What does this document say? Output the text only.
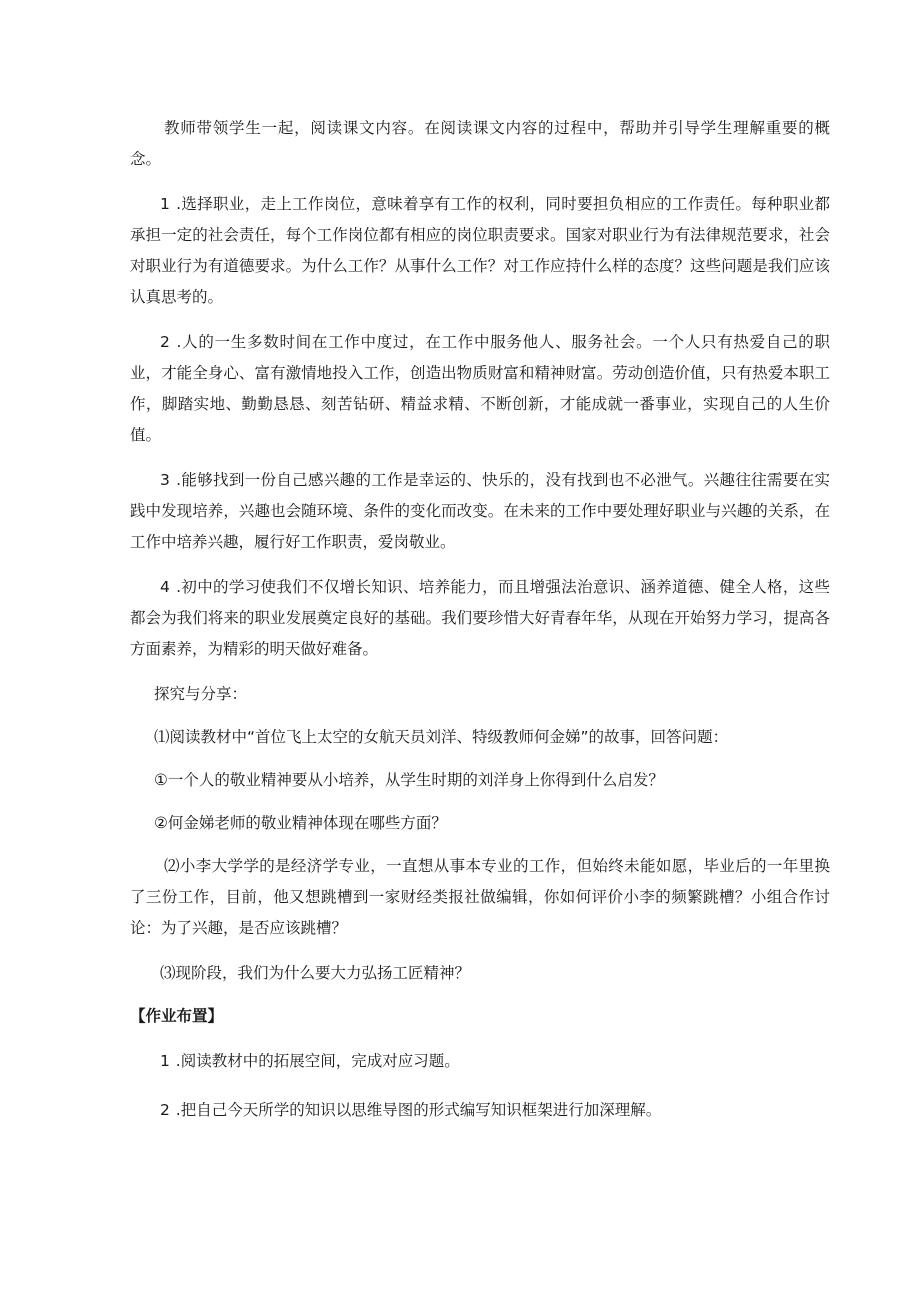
教师带领学生一起，阅读课文内容。在阅读课文内容的过程中，帮助并引导学生理解重要的概念。

1 .选择职业，走上工作岗位，意味着享有工作的权利，同时要担负相应的工作责任。每种职业都承担一定的社会责任，每个工作岗位都有相应的岗位职责要求。国家对职业行为有法律规范要求，社会对职业行为有道德要求。为什么工作？从事什么工作？对工作应持什么样的态度？这些问题是我们应该认真思考的。

2 .人的一生多数时间在工作中度过，在工作中服务他人、服务社会。一个人只有热爱自己的职业，才能全身心、富有激情地投入工作，创造出物质财富和精神财富。劳动创造价值，只有热爱本职工作，脚踏实地、勤勤恳恳、刻苦钻研、精益求精、不断创新，才能成就一番事业，实现自己的人生价值。

3 .能够找到一份自己感兴趣的工作是幸运的、快乐的，没有找到也不必泄气。兴趣往往需要在实践中发现培养，兴趣也会随环境、条件的变化而改变。在未来的工作中要处理好职业与兴趣的关系，在工作中培养兴趣，履行好工作职责，爱岗敬业。

4 .初中的学习使我们不仅增长知识、培养能力，而且增强法治意识、涵养道德、健全人格，这些都会为我们将来的职业发展奠定良好的基础。我们要珍惜大好青春年华，从现在开始努力学习，提高各方面素养，为精彩的明天做好难备。

探究与分享：

⑴阅读教材中“首位飞上太空的女航天员刘洋、特级教师何金娣”的故事，回答问题：

①一个人的敬业精神要从小培养，从学生时期的刘洋身上你得到什么启发？

②何金娣老师的敬业精神体现在哪些方面？

⑵小李大学学的是经济学专业，一直想从事本专业的工作，但始终未能如愿，毕业后的一年里换了三份工作，目前，他又想跳槽到一家财经类报社做编辑，你如何评价小李的频繁跳槽？小组合作讨论：为了兴趣，是否应该跳槽？

⑶现阶段，我们为什么要大力弘扬工匠精神？

【作业布置】

1 .阅读教材中的拓展空间，完成对应习题。

2 .把自己今天所学的知识以思维导图的形式编写知识框架进行加深理解。
